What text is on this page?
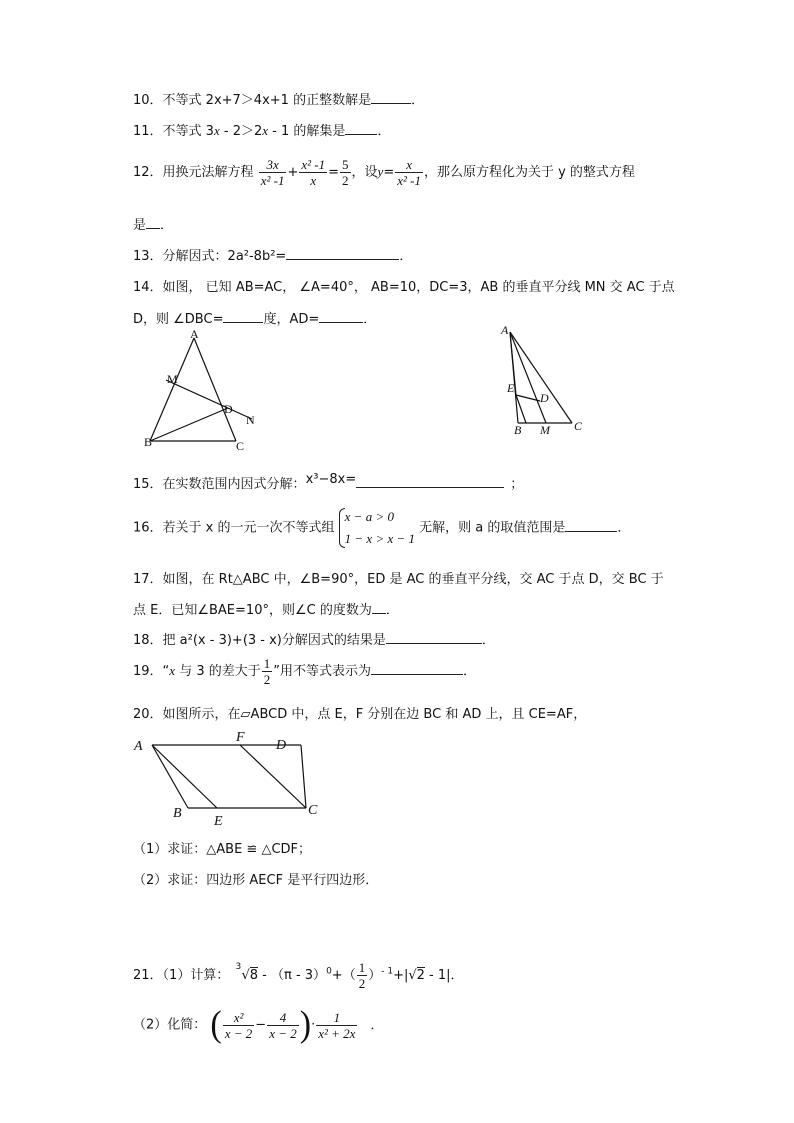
10．不等式 2x+7＞4x+1 的正整数解是	．
11．不等式 3x - 2＞2x - 1 的解集是 ．
12．用换元法解方程 $\frac{3x}{\text{x² -1}} + \frac{\text{x² -1}}{x} = \frac{5}{2}$ ，设$y= \frac{x}{\text{x² -1}}$ ，那么原方程化为关于 y 的整式方程
是 ．
13．分解因式：2a²-8b²=	．
14．如图， 已知 AB=AC， ∠A=40°， AB=10，DC=3，AB 的垂直平分线 MN 交 AC 于点
D，则 ∠DBC=	度，AD=	．
A
M
D
N
B	C
A
E
D
B M C
15．在实数范围内因式分解：x³−8x=	；
16．若关于 x 的一元一次不等式组
x − a > 0
1 − x > x − 1
无解，则 a 的取值范围是	．
17．如图，在 Rt△ABC 中，∠B=90°，ED 是 AC 的垂直平分线，交 AC 于点 D，交 BC 于
点 E．已知∠BAE=10°，则∠C 的度数为 ．
18．把 a²(x - 3)+(3 - x)分解因式的结果是	．
19．“x 与 3 的差大于 $\frac{1}{2}$ ”用不等式表示为	．
20．如图所示，在▱ABCD 中，点 E，F 分别在边 BC 和 AD 上，且 CE=AF，
A
F
D
B
E
C
（1）求证：△ABE ≌ △CDF；
（2）求证：四边形 AECF 是平行四边形．
21．（1）计算：
3
$√8 - (\pi - 3)^0+( \frac{1}{2} )^{- 1}+|√2 - 1|$．
（2）化简： ( $\frac{\text{x²}}{x - 2} - \frac{4}{x - 2}$ )· $\frac{1}{\text{x² + 2x}}$ ．
